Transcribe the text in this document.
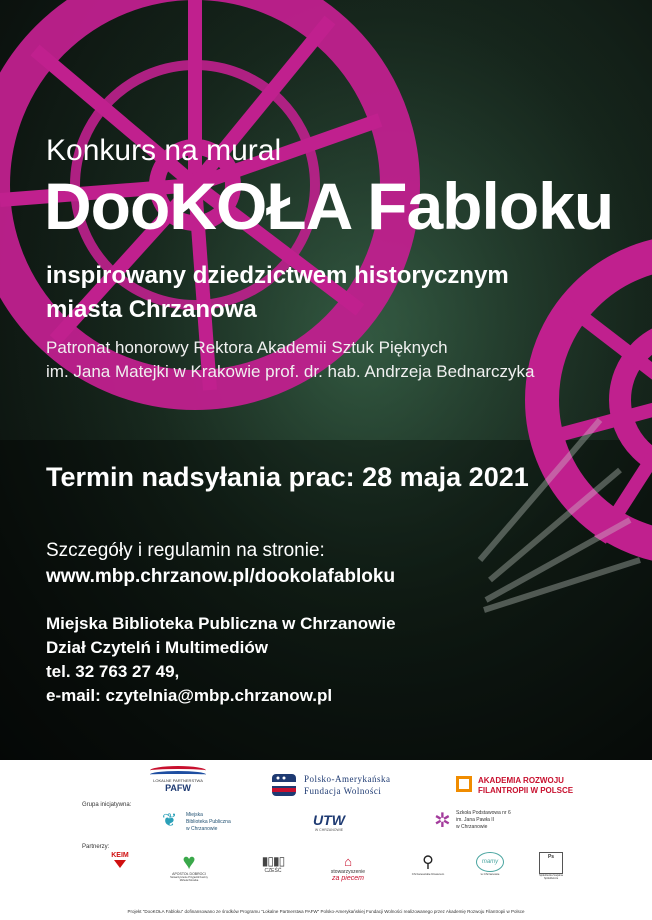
Konkurs na mural
DooKOŁA Fabloku
inspirowany dziedzictwem historycznym
miasta Chrzanowa
Patronat honorowy Rektora Akademii Sztuk Pięknych
im. Jana Matejki w Krakowie prof. dr. hab. Andrzeja Bednarczyka
Termin nadsyłania prac: 28 maja 2021
Szczegóły i regulamin na stronie:
www.mbp.chrzanow.pl/dookolafabloku
Miejska Biblioteka Publiczna w Chrzanowie
Dział Czytelń i Multimediów
tel. 32 763 27 49,
e-mail: czytelnia@mbp.chrzanow.pl
LOKALNE PARTNERSTWA
PAFW
Polsko-Amerykańska
Fundacja Wolności
AKADEMIA ROZWOJU
FILANTROPII W POLSCE
Grupa inicjatywna:
❦ Miejska
Biblioteka Publiczna
w Chrzanowie
UTW
W CHRZANOWIE	✲ Szkoła Podstawowa nr 6
im. Jana Pawła II
w Chrzanowie
Partnerzy:
KEIM	♥
APOSTOŁ DOBROCI
Stowarzyszenie Przyjaciół Kaszny Mohela Pelcarka
▮▯▮▯
CZEŚĆ
⌂
stowarzyszenie
za piecem
⚲
Chrzanowskie Rowerem
mamy
w Chrzanowie
Ps
Spółdzielnia Socjalna Spółdzielcza
Projekt "DooKOŁA Fabloku" dofinansowano ze środków Programu "Lokalne Partnerstwa PAFW" Polsko-Amerykańskiej Fundacji Wolności realizowanego przez Akademię Rozwoju Filantropii w Polsce
